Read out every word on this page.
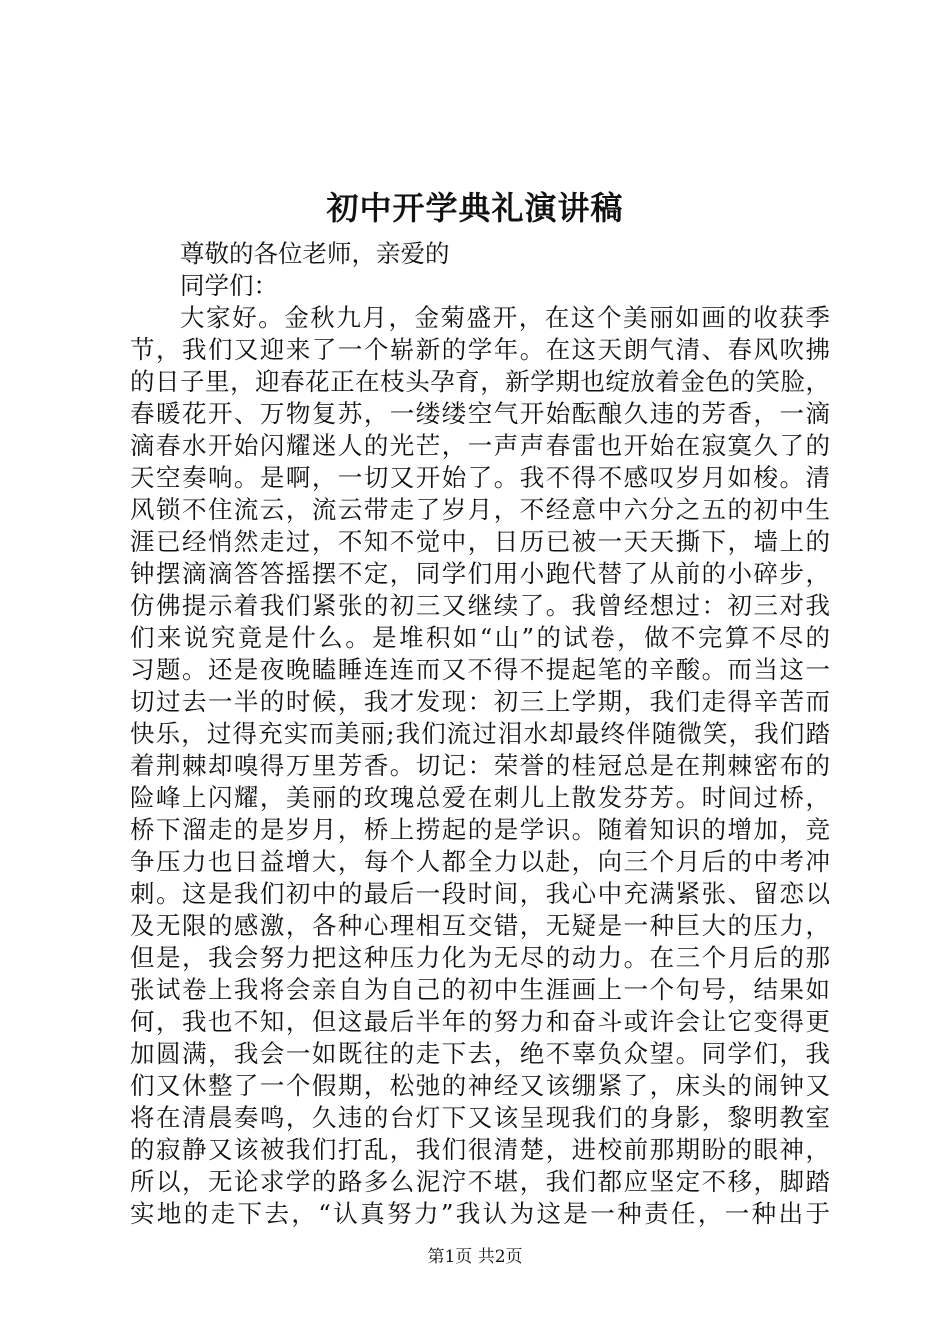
初中开学典礼演讲稿
尊敬的各位老师，亲爱的
同学们：
大家好。金秋九月，金菊盛开，在这个美丽如画的收获季
节，我们又迎来了一个崭新的学年。在这天朗气清、春风吹拂
的日子里，迎春花正在枝头孕育，新学期也绽放着金色的笑脸，
春暖花开、万物复苏，一缕缕空气开始酝酿久违的芳香，一滴
滴春水开始闪耀迷人的光芒，一声声春雷也开始在寂寞久了的
天空奏响。是啊，一切又开始了。我不得不感叹岁月如梭。清
风锁不住流云，流云带走了岁月，不经意中六分之五的初中生
涯已经悄然走过，不知不觉中，日历已被一天天撕下，墙上的
钟摆滴滴答答摇摆不定，同学们用小跑代替了从前的小碎步，
仿佛提示着我们紧张的初三又继续了。我曾经想过：初三对我
们来说究竟是什么。是堆积如“山”的试卷，做不完算不尽的
习题。还是夜晚瞌睡连连而又不得不提起笔的辛酸。而当这一
切过去一半的时候，我才发现：初三上学期，我们走得辛苦而
快乐，过得充实而美丽;我们流过泪水却最终伴随微笑，我们踏
着荆棘却嗅得万里芳香。切记：荣誉的桂冠总是在荆棘密布的
险峰上闪耀，美丽的玫瑰总爱在刺儿上散发芬芳。时间过桥，
桥下溜走的是岁月，桥上捞起的是学识。随着知识的增加，竞
争压力也日益增大，每个人都全力以赴，向三个月后的中考冲
刺。这是我们初中的最后一段时间，我心中充满紧张、留恋以
及无限的感激，各种心理相互交错，无疑是一种巨大的压力，
但是，我会努力把这种压力化为无尽的动力。在三个月后的那
张试卷上我将会亲自为自己的初中生涯画上一个句号，结果如
何，我也不知，但这最后半年的努力和奋斗或许会让它变得更
加圆满，我会一如既往的走下去，绝不辜负众望。同学们，我
们又休整了一个假期，松弛的神经又该绷紧了，床头的闹钟又
将在清晨奏鸣，久违的台灯下又该呈现我们的身影，黎明教室
的寂静又该被我们打乱，我们很清楚，进校前那期盼的眼神，
所以，无论求学的路多么泥泞不堪，我们都应坚定不移，脚踏
实地的走下去，“认真努力”我认为这是一种责任，一种出于
第1页 共2页
